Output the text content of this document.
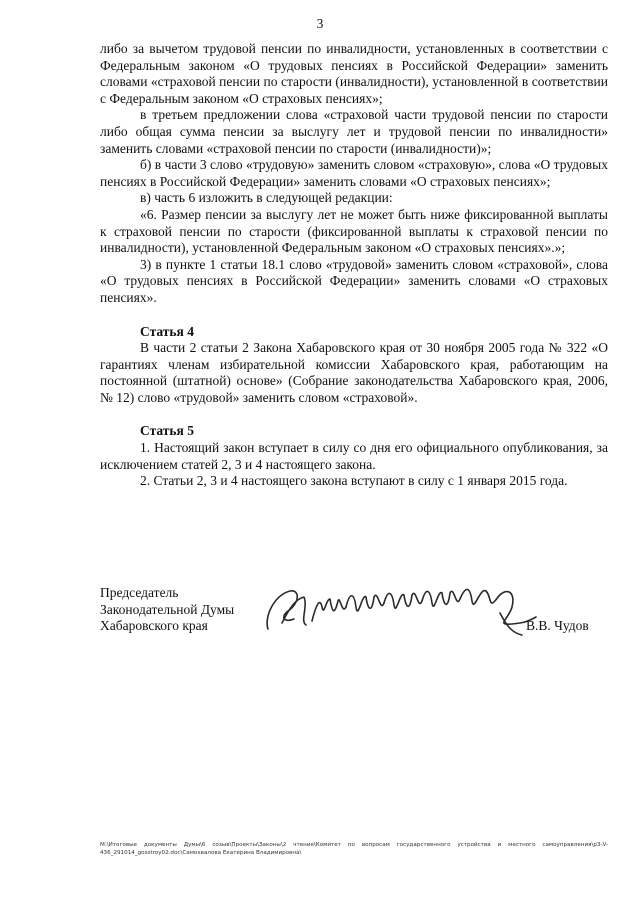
3

либо за вычетом трудовой пенсии по инвалидности, установленных в соответствии с Федеральным законом «О трудовых пенсиях в Российской Федерации» заменить словами «страховой пенсии по старости (инвалидности), установленной в соответствии с Федеральным законом «О страховых пенсиях»;

в третьем предложении слова «страховой части трудовой пенсии по старости либо общая сумма пенсии за выслугу лет и трудовой пенсии по инвалидности» заменить словами «страховой пенсии по старости (инвалидности)»;

б) в части 3 слово «трудовую» заменить словом «страховую», слова «О трудовых пенсиях в Российской Федерации» заменить словами «О страховых пенсиях»;

в) часть 6 изложить в следующей редакции:

«6. Размер пенсии за выслугу лет не может быть ниже фиксированной выплаты к страховой пенсии по старости (фиксированной выплаты к страховой пенсии по инвалидности), установленной Федеральным законом «О страховых пенсиях».»;

3) в пункте 1 статьи 18.1 слово «трудовой» заменить словом «страховой», слова «О трудовых пенсиях в Российской Федерации» заменить словами «О страховых пенсиях».

Статья 4

В части 2 статьи 2 Закона Хабаровского края от 30 ноября 2005 года № 322 «О гарантиях членам избирательной комиссии Хабаровского края, работающим на постоянной (штатной) основе» (Собрание законодательства Хабаровского края, 2006, № 12) слово «трудовой» заменить словом «страховой».

Статья 5

1. Настоящий закон вступает в силу со дня его официального опубликования, за исключением статей 2, 3 и 4 настоящего закона.

2. Статьи 2, 3 и 4 настоящего закона вступают в силу с 1 января 2015 года.

Председатель
Законодательной Думы
Хабаровского края	В.В. Чудов
М:\Итоговые документы Думы\6 созыв\Проекты\Законы\2 чтение\Комитет по вопросам государственного устройства и местного самоуправления\р3-V-436_291014_gosstroy02.doc\Самохвалова Екатерина Владимировна\
